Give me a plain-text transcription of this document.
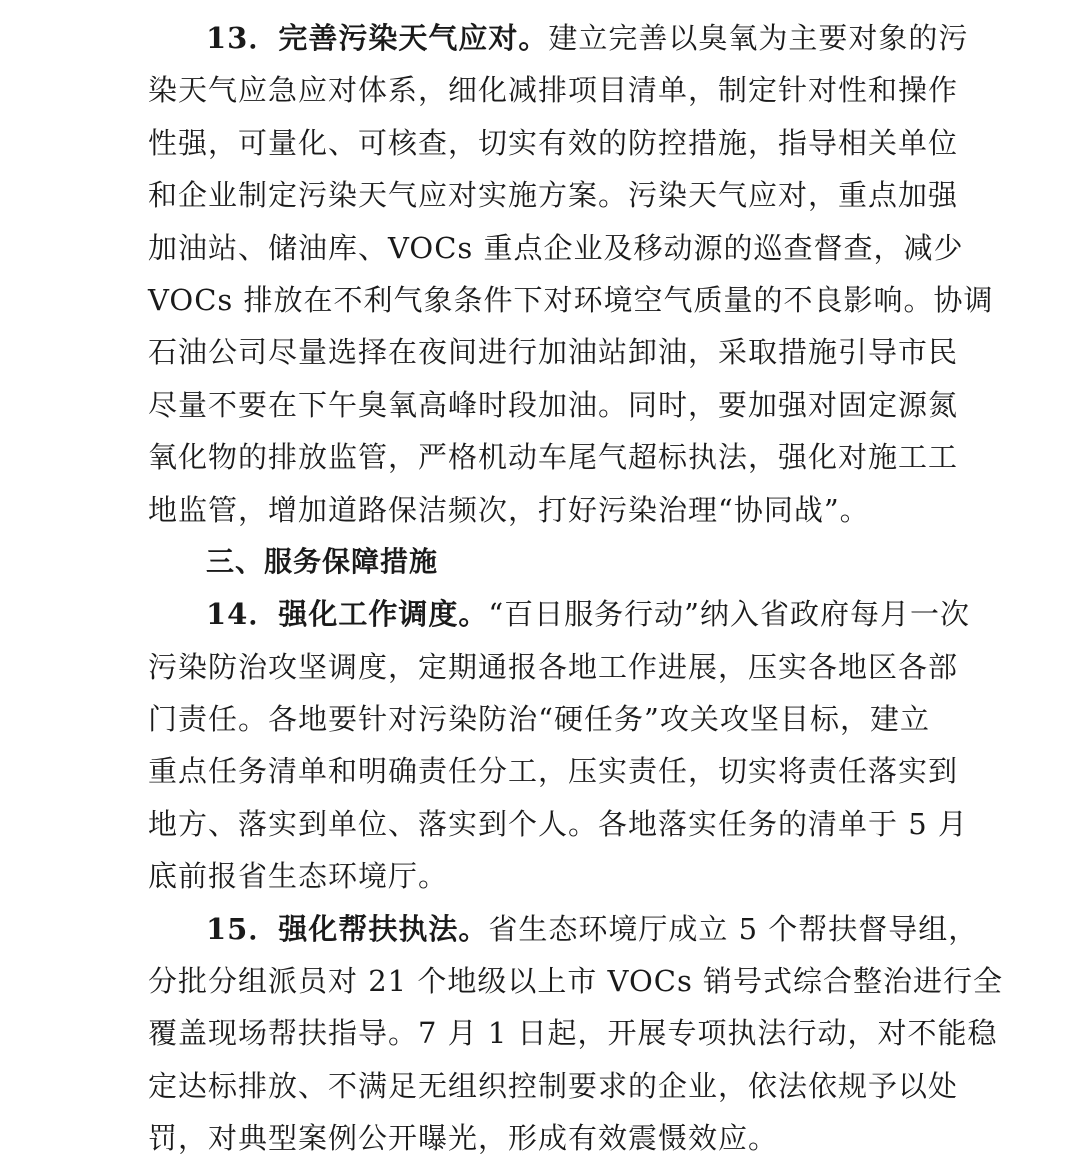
13．完善污染天气应对。建立完善以臭氧为主要对象的污
染天气应急应对体系，细化减排项目清单，制定针对性和操作
性强，可量化、可核查，切实有效的防控措施，指导相关单位
和企业制定污染天气应对实施方案。污染天气应对，重点加强
加油站、储油库、VOCs 重点企业及移动源的巡查督查，减少
VOCs 排放在不利气象条件下对环境空气质量的不良影响。协调
石油公司尽量选择在夜间进行加油站卸油，采取措施引导市民
尽量不要在下午臭氧高峰时段加油。同时，要加强对固定源氮
氧化物的排放监管，严格机动车尾气超标执法，强化对施工工
地监管，增加道路保洁频次，打好污染治理“协同战”。
三、服务保障措施
14．强化工作调度。“百日服务行动”纳入省政府每月一次
污染防治攻坚调度，定期通报各地工作进展，压实各地区各部
门责任。各地要针对污染防治“硬任务”攻关攻坚目标，建立
重点任务清单和明确责任分工，压实责任，切实将责任落实到
地方、落实到单位、落实到个人。各地落实任务的清单于 5 月
底前报省生态环境厅。
15．强化帮扶执法。省生态环境厅成立 5 个帮扶督导组，
分批分组派员对 21 个地级以上市 VOCs 销号式综合整治进行全
覆盖现场帮扶指导。7 月 1 日起，开展专项执法行动，对不能稳
定达标排放、不满足无组织控制要求的企业，依法依规予以处
罚，对典型案例公开曝光，形成有效震慑效应。
